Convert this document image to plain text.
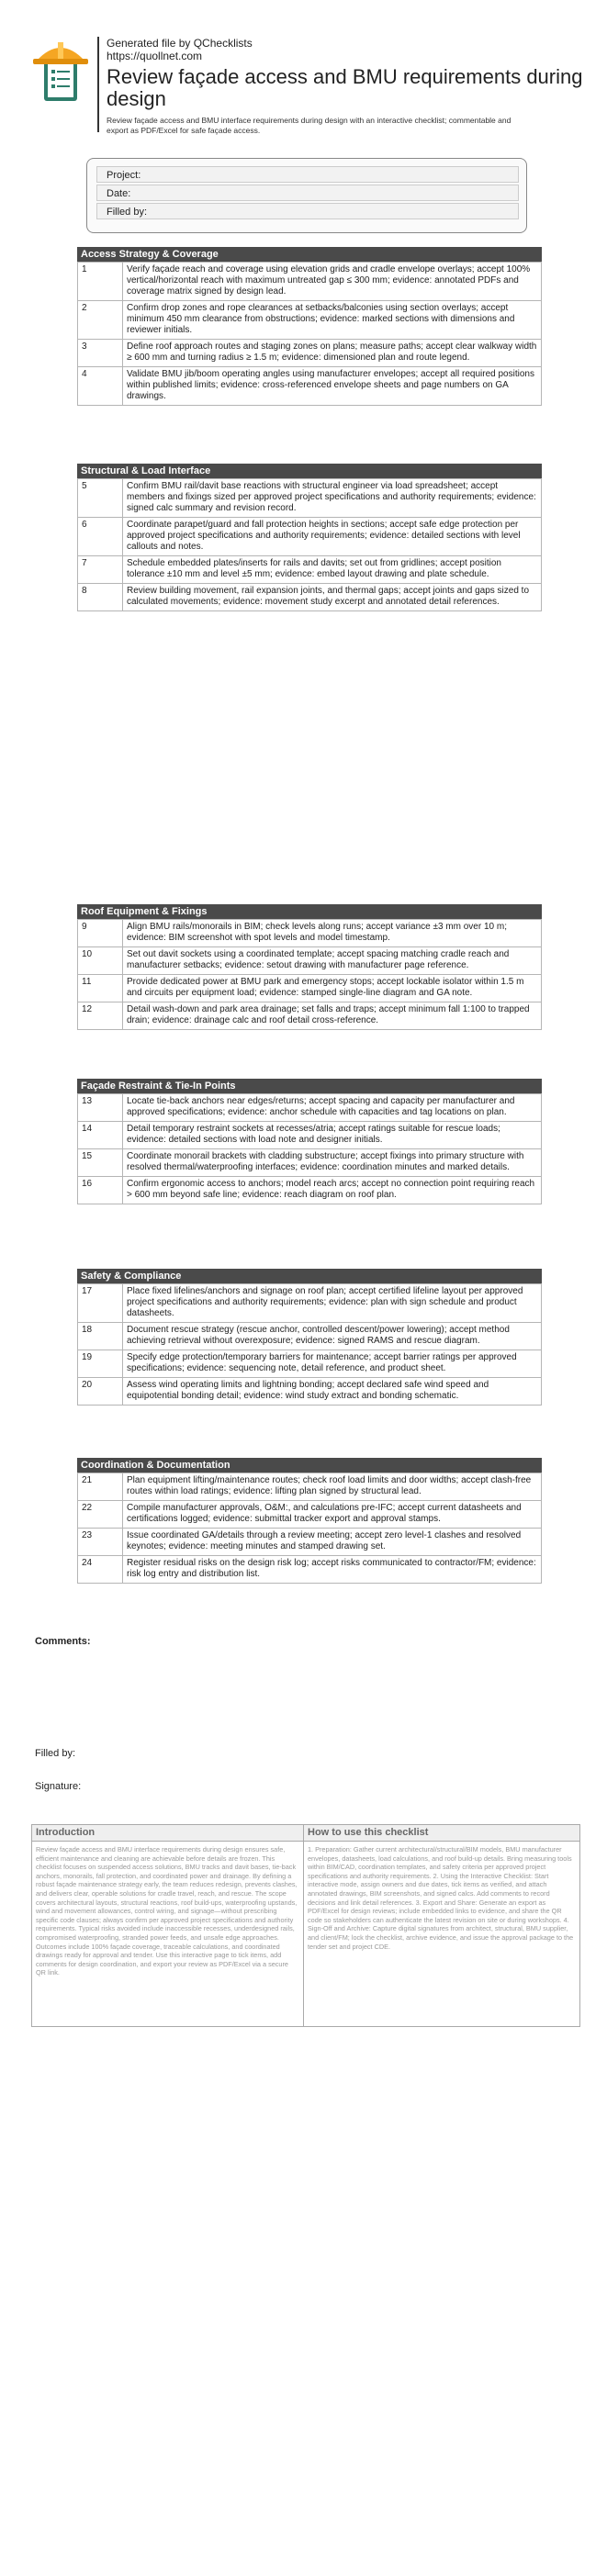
Generated file by QChecklists
https://quollnet.com
Review façade access and BMU requirements during design
Review façade access and BMU interface requirements during design with an interactive checklist; commentable and export as PDF/Excel for safe façade access.
Project:
Date:
Filled by:
Access Strategy & Coverage
1	Verify façade reach and coverage using elevation grids and cradle envelope overlays; accept 100% vertical/horizontal reach with maximum untreated gap ≤ 300 mm; evidence: annotated PDFs and coverage matrix signed by design lead.
2	Confirm drop zones and rope clearances at setbacks/balconies using section overlays; accept minimum 450 mm clearance from obstructions; evidence: marked sections with dimensions and reviewer initials.
3	Define roof approach routes and staging zones on plans; measure paths; accept clear walkway width ≥ 600 mm and turning radius ≥ 1.5 m; evidence: dimensioned plan and route legend.
4	Validate BMU jib/boom operating angles using manufacturer envelopes; accept all required positions within published limits; evidence: cross-referenced envelope sheets and page numbers on GA drawings.
Structural & Load Interface
5	Confirm BMU rail/davit base reactions with structural engineer via load spreadsheet; accept members and fixings sized per approved project specifications and authority requirements; evidence: signed calc summary and revision record.
6	Coordinate parapet/guard and fall protection heights in sections; accept safe edge protection per approved project specifications and authority requirements; evidence: detailed sections with level callouts and notes.
7	Schedule embedded plates/inserts for rails and davits; set out from gridlines; accept position tolerance ±10 mm and level ±5 mm; evidence: embed layout drawing and plate schedule.
8	Review building movement, rail expansion joints, and thermal gaps; accept joints and gaps sized to calculated movements; evidence: movement study excerpt and annotated detail references.
Roof Equipment & Fixings
9	Align BMU rails/monorails in BIM; check levels along runs; accept variance ±3 mm over 10 m; evidence: BIM screenshot with spot levels and model timestamp.
10	Set out davit sockets using a coordinated template; accept spacing matching cradle reach and manufacturer setbacks; evidence: setout drawing with manufacturer page reference.
11	Provide dedicated power at BMU park and emergency stops; accept lockable isolator within 1.5 m and circuits per equipment load; evidence: stamped single-line diagram and GA note.
12	Detail wash-down and park area drainage; set falls and traps; accept minimum fall 1:100 to trapped drain; evidence: drainage calc and roof detail cross-reference.
Façade Restraint & Tie-In Points
13	Locate tie-back anchors near edges/returns; accept spacing and capacity per manufacturer and approved specifications; evidence: anchor schedule with capacities and tag locations on plan.
14	Detail temporary restraint sockets at recesses/atria; accept ratings suitable for rescue loads; evidence: detailed sections with load note and designer initials.
15	Coordinate monorail brackets with cladding substructure; accept fixings into primary structure with resolved thermal/waterproofing interfaces; evidence: coordination minutes and marked details.
16	Confirm ergonomic access to anchors; model reach arcs; accept no connection point requiring reach > 600 mm beyond safe line; evidence: reach diagram on roof plan.
Safety & Compliance
17	Place fixed lifelines/anchors and signage on roof plan; accept certified lifeline layout per approved project specifications and authority requirements; evidence: plan with sign schedule and product datasheets.
18	Document rescue strategy (rescue anchor, controlled descent/power lowering); accept method achieving retrieval without overexposure; evidence: signed RAMS and rescue diagram.
19	Specify edge protection/temporary barriers for maintenance; accept barrier ratings per approved specifications; evidence: sequencing note, detail reference, and product sheet.
20	Assess wind operating limits and lightning bonding; accept declared safe wind speed and equipotential bonding detail; evidence: wind study extract and bonding schematic.
Coordination & Documentation
21	Plan equipment lifting/maintenance routes; check roof load limits and door widths; accept clash-free routes within load ratings; evidence: lifting plan signed by structural lead.
22	Compile manufacturer approvals, O&M:, and calculations pre-IFC; accept current datasheets and certifications logged; evidence: submittal tracker export and approval stamps.
23	Issue coordinated GA/details through a review meeting; accept zero level-1 clashes and resolved keynotes; evidence: meeting minutes and stamped drawing set.
24	Register residual risks on the design risk log; accept risks communicated to contractor/FM; evidence: risk log entry and distribution list.
Comments:
Filled by:
Signature:
Introduction
Review façade access and BMU interface requirements during design ensures safe, efficient maintenance and cleaning are achievable before details are frozen. This checklist focuses on suspended access solutions, BMU tracks and davit bases, tie-back anchors, monorails, fall protection, and coordinated power and drainage. By defining a robust façade maintenance strategy early, the team reduces redesign, prevents clashes, and delivers clear, operable solutions for cradle travel, reach, and rescue. The scope covers architectural layouts, structural reactions, roof build-ups, waterproofing upstands, wind and movement allowances, control wiring, and signage—without prescribing specific code clauses; always confirm per approved project specifications and authority requirements. Typical risks avoided include inaccessible recesses, underdesigned rails, compromised waterproofing, stranded power feeds, and unsafe edge approaches. Outcomes include 100% façade coverage, traceable calculations, and coordinated drawings ready for approval and tender. Use this interactive page to tick items, add comments for design coordination, and export your review as PDF/Excel via a secure QR link.
How to use this checklist
1. Preparation: Gather current architectural/structural/BIM models, BMU manufacturer envelopes, datasheets, load calculations, and roof build-up details. Bring measuring tools within BIM/CAD, coordination templates, and safety criteria per approved project specifications and authority requirements. 2. Using the Interactive Checklist: Start interactive mode, assign owners and due dates, tick items as verified, and attach annotated drawings, BIM screenshots, and signed calcs. Add comments to record decisions and link detail references. 3. Export and Share: Generate an export as PDF/Excel for design reviews; include embedded links to evidence, and share the QR code so stakeholders can authenticate the latest revision on site or during workshops. 4. Sign-Off and Archive: Capture digital signatures from architect, structural, BMU supplier, and client/FM; lock the checklist, archive evidence, and issue the approval package to the tender set and project CDE.
